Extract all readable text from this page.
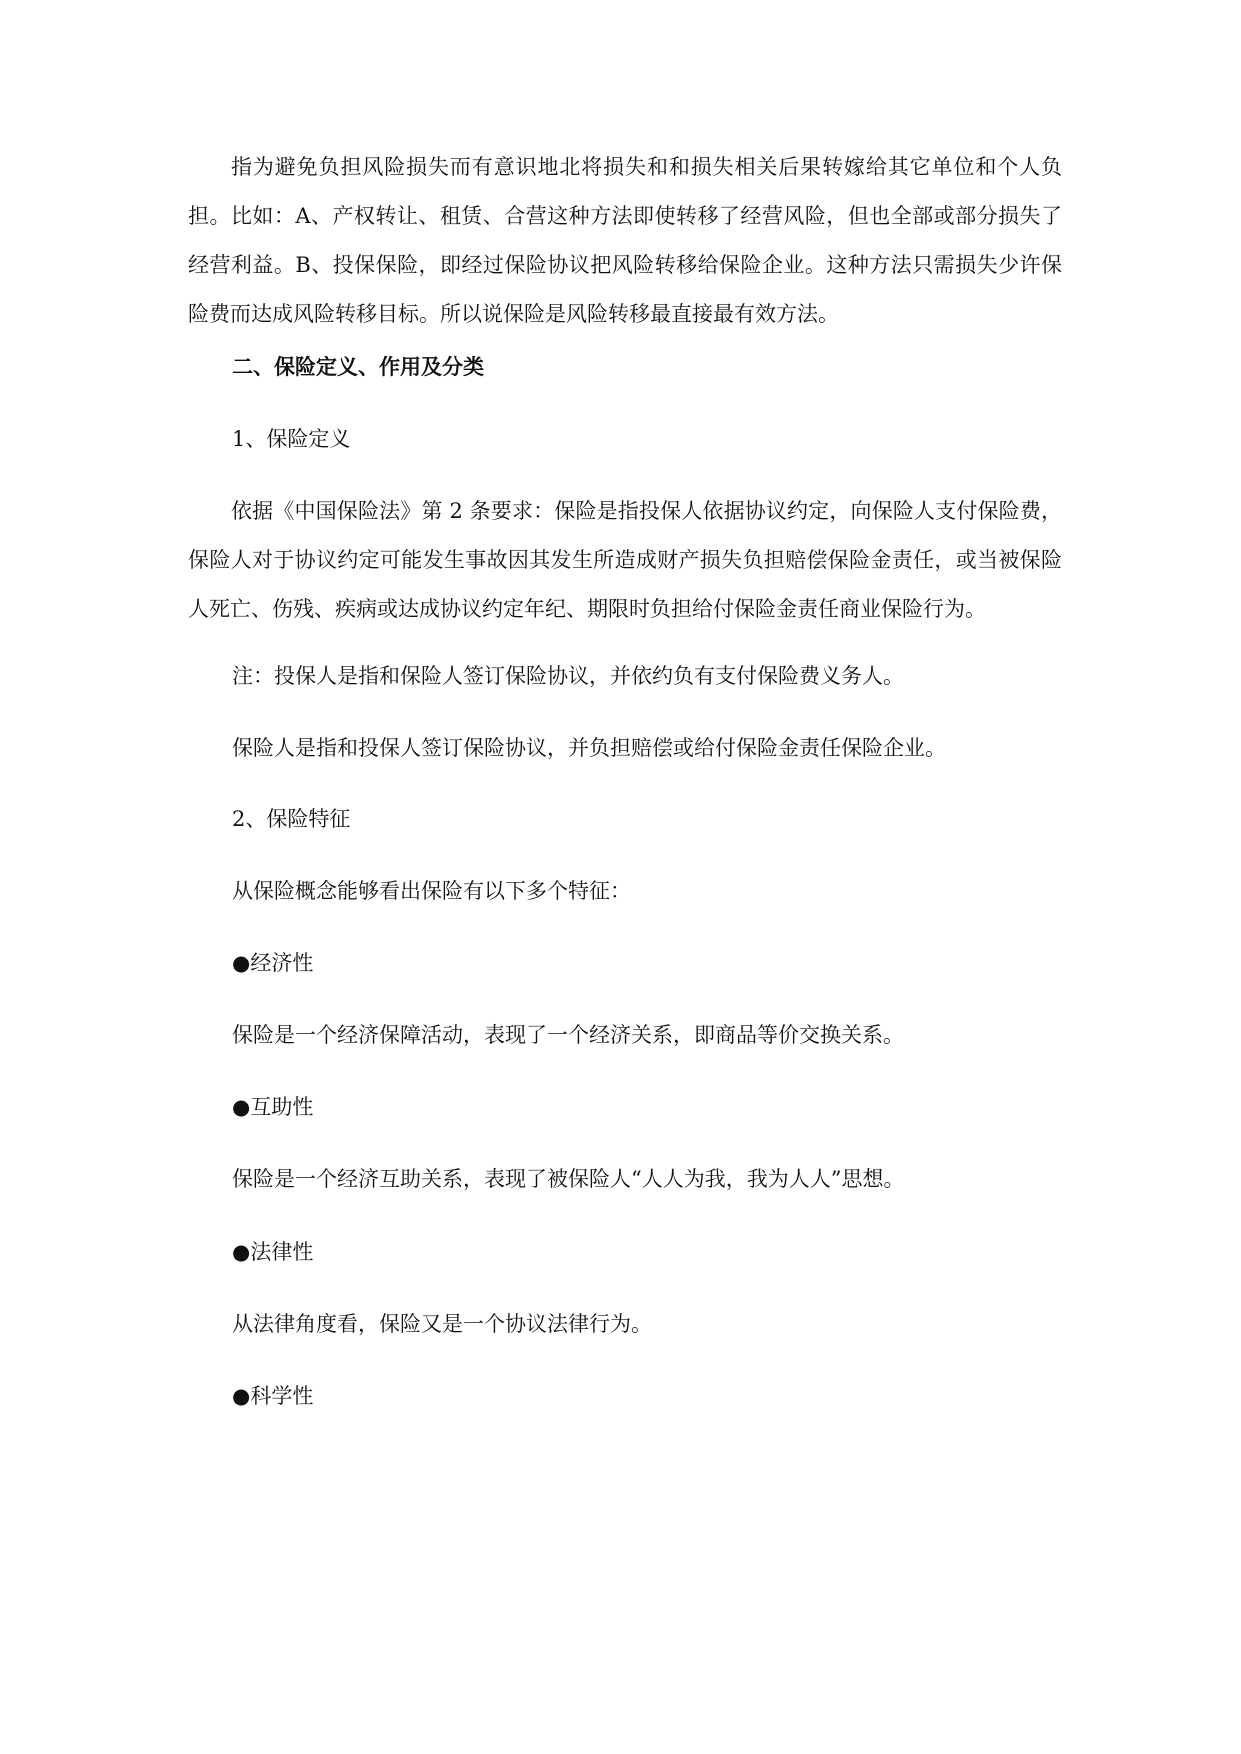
指为避免负担风险损失而有意识地北将损失和和损失相关后果转嫁给其它单位和个人负担。比如：A、产权转让、租赁、合营这种方法即使转移了经营风险，但也全部或部分损失了经营利益。B、投保保险，即经过保险协议把风险转移给保险企业。这种方法只需损失少许保险费而达成风险转移目标。所以说保险是风险转移最直接最有效方法。

二、保险定义、作用及分类

1、保险定义

依据《中国保险法》第 2 条要求：保险是指投保人依据协议约定，向保险人支付保险费，保险人对于协议约定可能发生事故因其发生所造成财产损失负担赔偿保险金责任，或当被保险人死亡、伤残、疾病或达成协议约定年纪、期限时负担给付保险金责任商业保险行为。

注：投保人是指和保险人签订保险协议，并依约负有支付保险费义务人。

保险人是指和投保人签订保险协议，并负担赔偿或给付保险金责任保险企业。

2、保险特征

从保险概念能够看出保险有以下多个特征：

●经济性

保险是一个经济保障活动，表现了一个经济关系，即商品等价交换关系。

●互助性

保险是一个经济互助关系，表现了被保险人“人人为我，我为人人”思想。

●法律性

从法律角度看，保险又是一个协议法律行为。

●科学性
